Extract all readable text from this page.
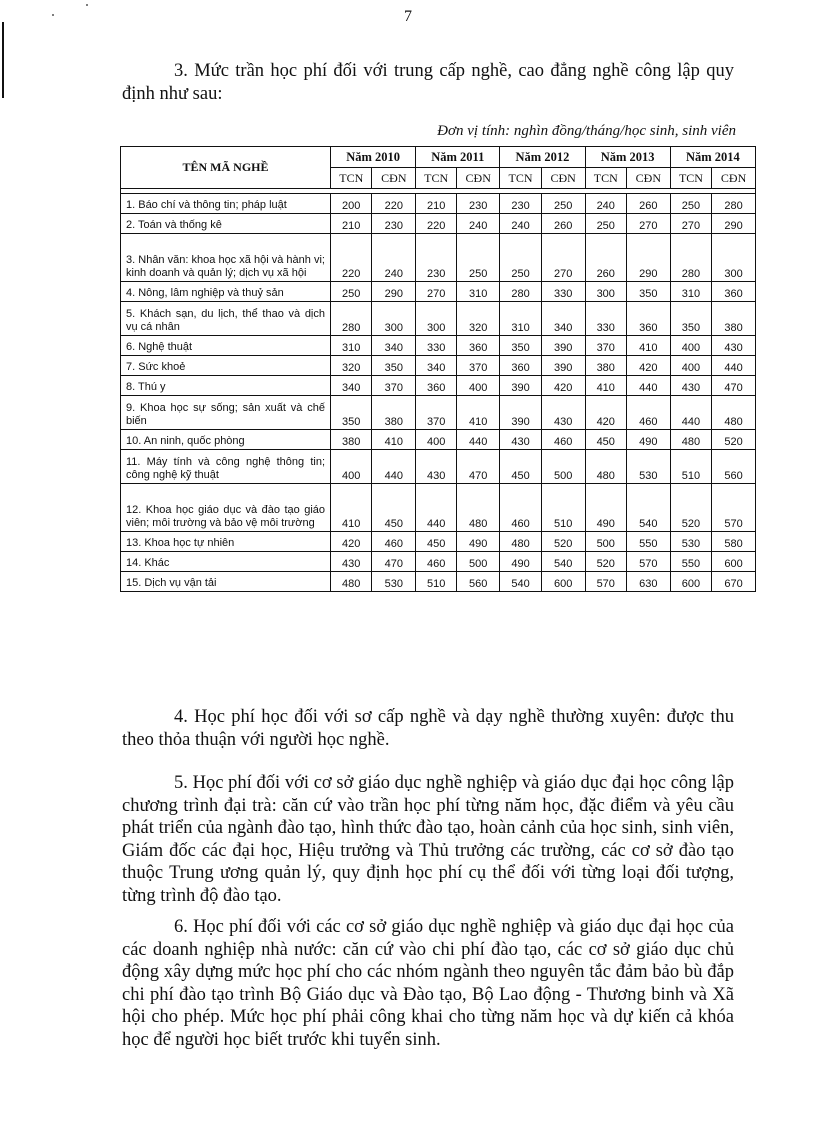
7

3. Mức trần học phí đối với trung cấp nghề, cao đẳng nghề công lập quy định như sau:

Đơn vị tính: nghìn đồng/tháng/học sinh, sinh viên
TÊN MÃ NGHỀ	Năm 2010		Năm 2011		Năm 2012		Năm 2013		Năm 2014	
	TCN	CĐN	TCN	CĐN	TCN	CĐN	TCN	CĐN	TCN	CĐN

1. Báo chí và thông tin; pháp luật	200	220	210	230	230	250	240	260	250	280
2. Toán và thống kê	210	230	220	240	240	260	250	270	270	290
3. Nhân văn: khoa học xã hội và hành vi; kinh doanh và quản lý; dịch vụ xã hội	220	240	230	250	250	270	260	290	280	300
4. Nông, lâm nghiệp và thuỷ sản	250	290	270	310	280	330	300	350	310	360
5. Khách sạn, du lịch, thể thao và dịch vụ cá nhân	280	300	300	320	310	340	330	360	350	380
6. Nghệ thuật	310	340	330	360	350	390	370	410	400	430
7. Sức khoẻ	320	350	340	370	360	390	380	420	400	440
8. Thú y	340	370	360	400	390	420	410	440	430	470
9. Khoa học sự sống; sản xuất và chế biến	350	380	370	410	390	430	420	460	440	480
10. An ninh, quốc phòng	380	410	400	440	430	460	450	490	480	520
11. Máy tính và công nghệ thông tin; công nghệ kỹ thuật	400	440	430	470	450	500	480	530	510	560
12. Khoa học giáo dục và đào tạo giáo viên; môi trường và bảo vệ môi trường	410	450	440	480	460	510	490	540	520	570
13. Khoa học tự nhiên	420	460	450	490	480	520	500	550	530	580
14. Khác	430	470	460	500	490	540	520	570	550	600
15. Dịch vụ vận tải	480	530	510	560	540	600	570	630	600	670

4. Học phí học đối với sơ cấp nghề và dạy nghề thường xuyên: được thu theo thỏa thuận với người học nghề.

5. Học phí đối với cơ sở giáo dục nghề nghiệp và giáo dục đại học công lập chương trình đại trà: căn cứ vào trần học phí từng năm học, đặc điểm và yêu cầu phát triển của ngành đào tạo, hình thức đào tạo, hoàn cảnh của học sinh, sinh viên, Giám đốc các đại học, Hiệu trưởng và Thủ trưởng các trường, các cơ sở đào tạo thuộc Trung ương quản lý, quy định học phí cụ thể đối với từng loại đối tượng, từng trình độ đào tạo.

6. Học phí đối với các cơ sở giáo dục nghề nghiệp và giáo dục đại học của các doanh nghiệp nhà nước: căn cứ vào chi phí đào tạo, các cơ sở giáo dục chủ động xây dựng mức học phí cho các nhóm ngành theo nguyên tắc đảm bảo bù đắp chi phí đào tạo trình Bộ Giáo dục và Đào tạo, Bộ Lao động - Thương binh và Xã hội cho phép. Mức học phí phải công khai cho từng năm học và dự kiến cả khóa học để người học biết trước khi tuyển sinh.
